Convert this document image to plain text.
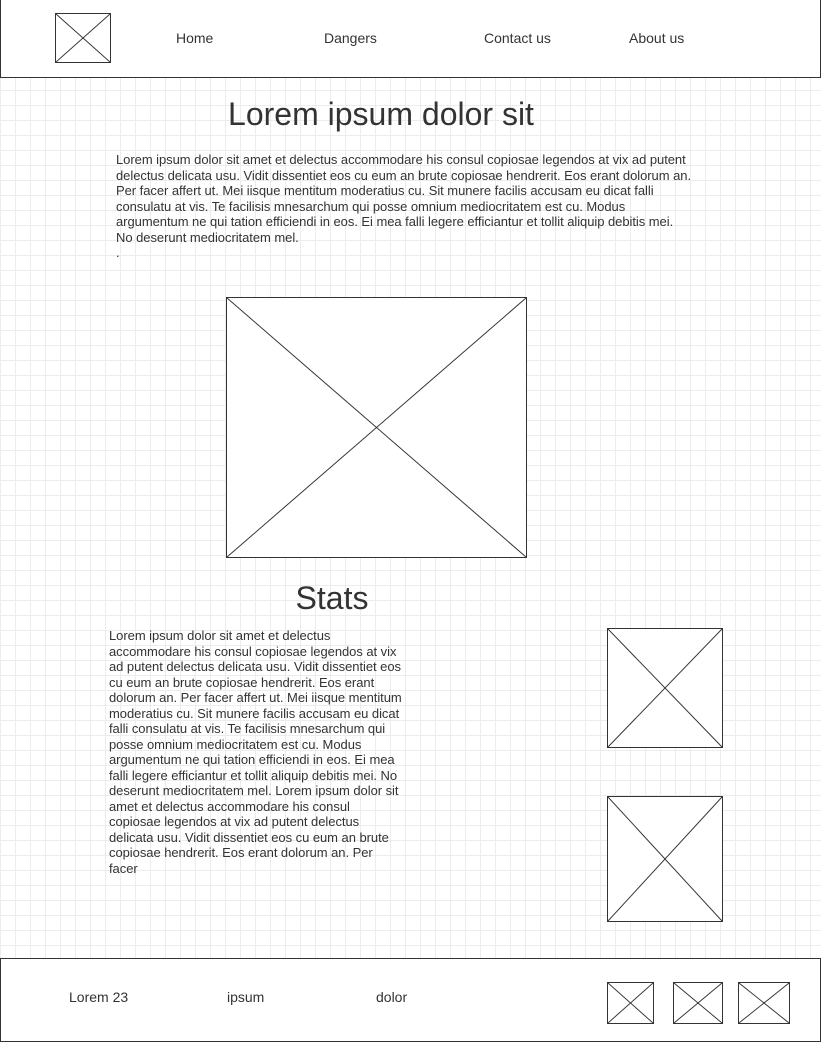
Home	Dangers	Contact us	About us
Lorem ipsum dolor sit
Lorem ipsum dolor sit amet et delectus accommodare his consul copiosae legendos at vix ad putent delectus delicata usu. Vidit dissentiet eos cu eum an brute copiosae hendrerit. Eos erant dolorum an. Per facer affert ut. Mei iisque mentitum moderatius cu. Sit munere facilis accusam eu dicat falli consulatu at vis. Te facilisis mnesarchum qui posse omnium mediocritatem est cu. Modus argumentum ne qui tation efficiendi in eos. Ei mea falli legere efficiantur et tollit aliquip debitis mei. No deserunt mediocritatem mel.
.
Stats
Lorem ipsum dolor sit amet et delectus accommodare his consul copiosae legendos at vix ad putent delectus delicata usu. Vidit dissentiet eos cu eum an brute copiosae hendrerit. Eos erant dolorum an. Per facer affert ut. Mei iisque mentitum moderatius cu. Sit munere facilis accusam eu dicat falli consulatu at vis. Te facilisis mnesarchum qui posse omnium mediocritatem est cu. Modus argumentum ne qui tation efficiendi in eos. Ei mea falli legere efficiantur et tollit aliquip debitis mei. No deserunt mediocritatem mel. Lorem ipsum dolor sit amet et delectus accommodare his consul copiosae legendos at vix ad putent delectus delicata usu. Vidit dissentiet eos cu eum an brute copiosae hendrerit. Eos erant dolorum an. Per facer
Lorem 23	ipsum	dolor
